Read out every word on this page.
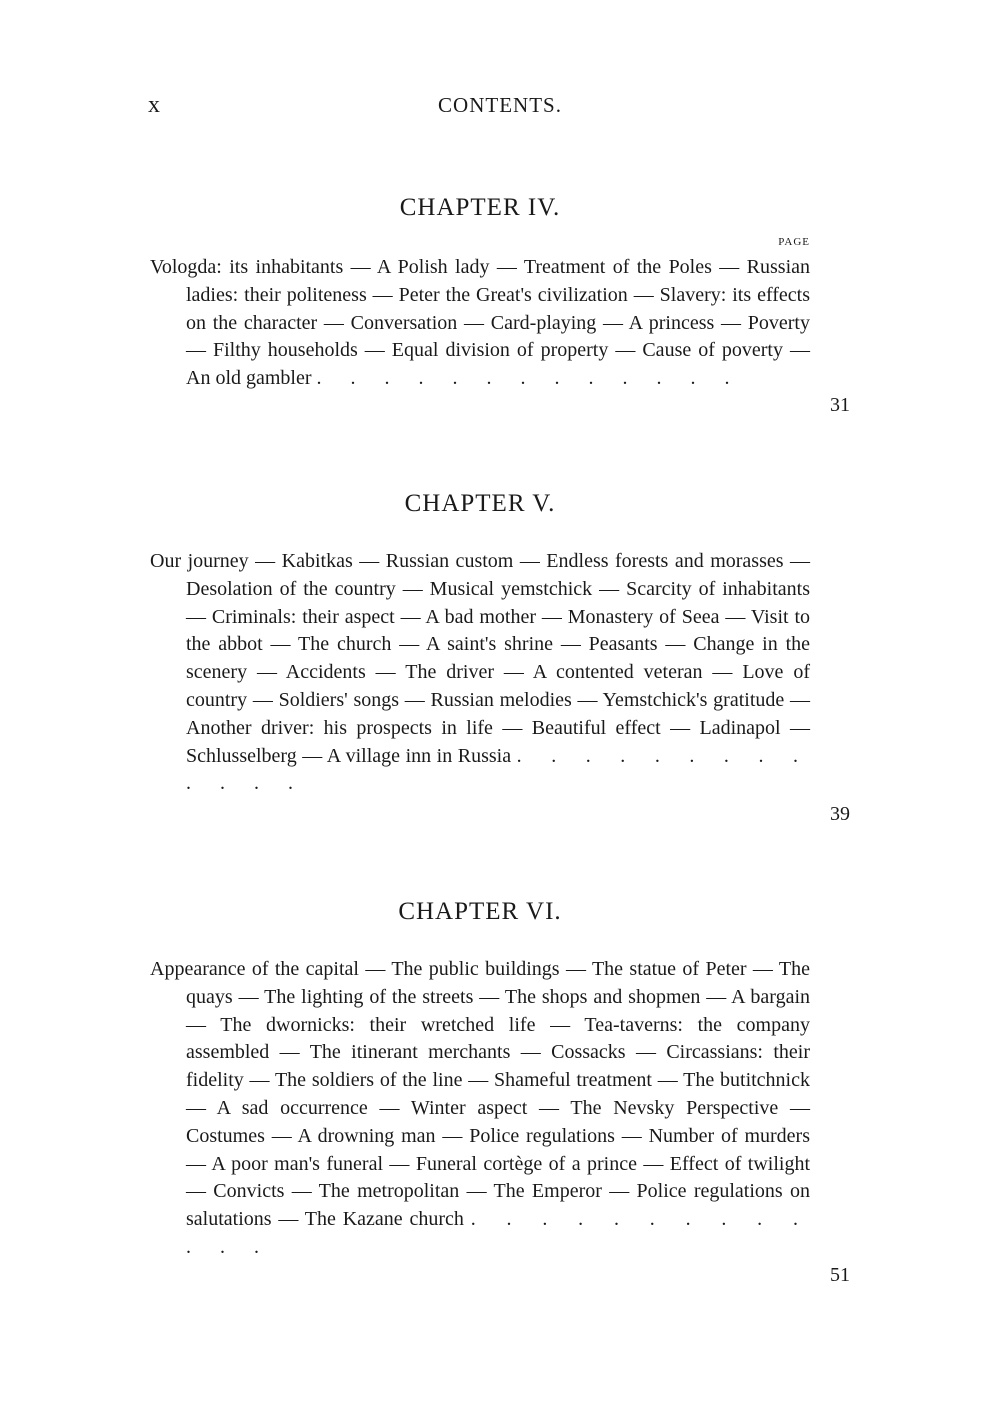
x	CONTENTS.
CHAPTER IV.
PAGE

Vologda: its inhabitants — A Polish lady — Treatment of the Poles — Russian ladies: their politeness — Peter the Great's civilization — Slavery: its effects on the character — Conversation — Card-playing — A princess — Poverty — Filthy households — Equal division of property — Cause of poverty — An old gambler . . . . . . . . . . . . .

31
CHAPTER V.

Our journey — Kabitkas — Russian custom — Endless forests and morasses — Desolation of the country — Musical yemstchick — Scarcity of inhabitants — Criminals: their aspect — A bad mother — Monastery of Seea — Visit to the abbot — The church — A saint's shrine — Peasants — Change in the scenery — Accidents — The driver — A contented veteran — Love of country — Soldiers' songs — Russian melodies — Yemstchick's gratitude — Another driver: his prospects in life — Beautiful effect — Ladinapol — Schlusselberg — A village inn in Russia . . . . . . . . . . . . .

39
CHAPTER VI.

Appearance of the capital — The public buildings — The statue of Peter — The quays — The lighting of the streets — The shops and shopmen — A bargain — The dwornicks: their wretched life — Tea-taverns: the company assembled — The itinerant merchants — Cossacks — Circassians: their fidelity — The soldiers of the line — Shameful treatment — The butitchnick — A sad occurrence — Winter aspect — The Nevsky Perspective — Costumes — A drowning man — Police regulations — Number of murders — A poor man's funeral — Funeral cortège of a prince — Effect of twilight — Convicts — The metropolitan — The Emperor — Police regulations on salutations — The Kazane church . . . . . . . . . . . . .

51
